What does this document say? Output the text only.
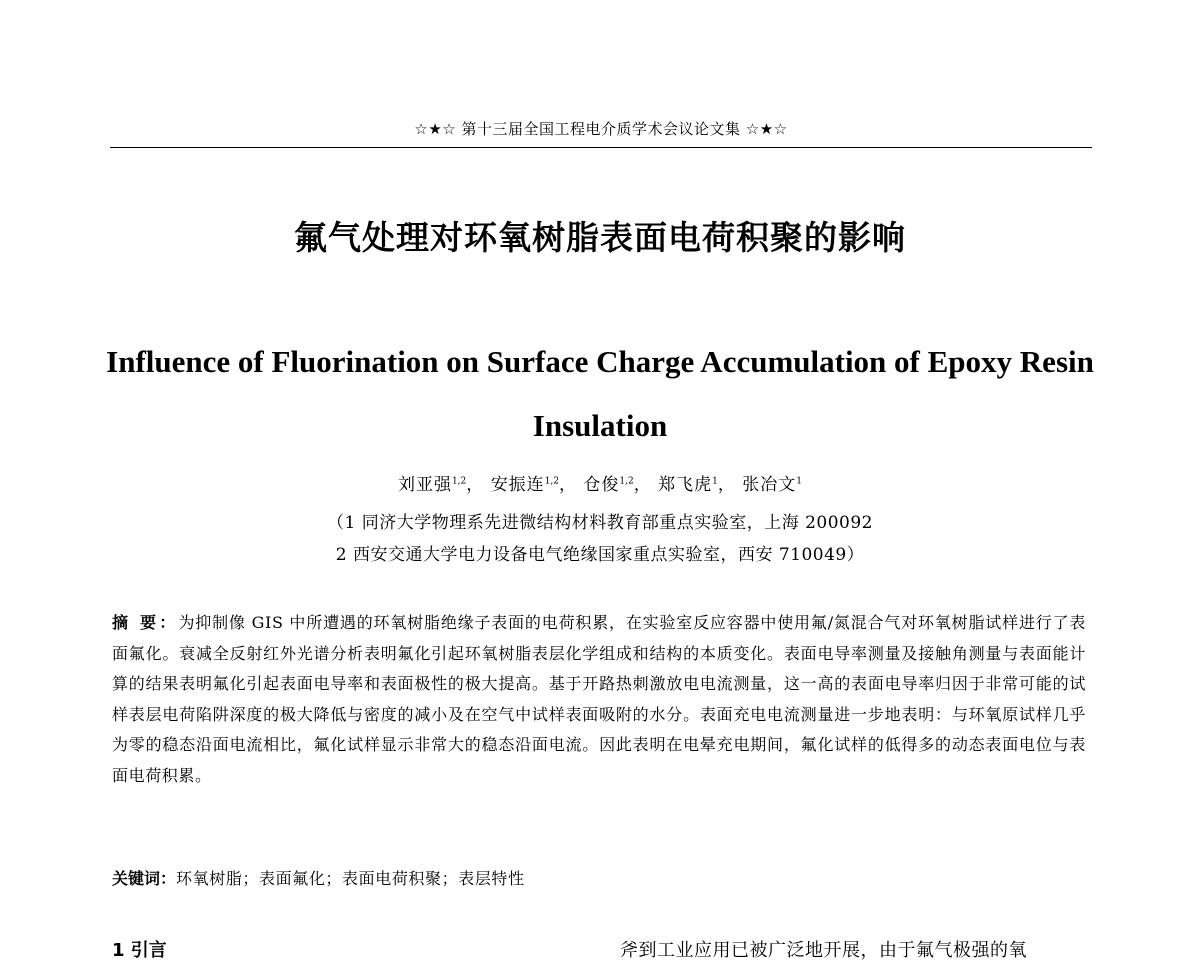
☆★☆ 第十三届全国工程电介质学术会议论文集 ☆★☆
氟气处理对环氧树脂表面电荷积聚的影响
Influence of Fluorination on Surface Charge Accumulation of Epoxy Resin Insulation
刘亚强$^{1,2}$， 安振连$^{1,2}$， 仓俊$^{1,2}$， 郑飞虎$^1$， 张冶文$^1$
（1 同济大学物理系先进微结构材料教育部重点实验室，上海 200092
2 西安交通大学电力设备电气绝缘国家重点实验室，西安 710049）
摘 要：为抑制像 GIS 中所遭遇的环氧树脂绝缘子表面的电荷积累，在实验室反应容器中使用氟/氮混合气对环氧树脂试样进行了表面氟化。衰减全反射红外光谱分析表明氟化引起环氧树脂表层化学组成和结构的本质变化。表面电导率测量及接触角测量与表面能计算的结果表明氟化引起表面电导率和表面极性的极大提高。基于开路热刺激放电电流测量，这一高的表面电导率归因于非常可能的试样表层电荷陷阱深度的极大降低与密度的减小及在空气中试样表面吸附的水分。表面充电电流测量进一步地表明：与环氧原试样几乎为零的稳态沿面电流相比，氟化试样显示非常大的稳态沿面电流。因此表明在电晕充电期间，氟化试样的低得多的动态表面电位与表面电荷积累。
关键词：环氧树脂；表面氟化；表面电荷积聚；表层特性
1 引言	斧到工业应用已被广泛地开展，由于氟气极强的氧
